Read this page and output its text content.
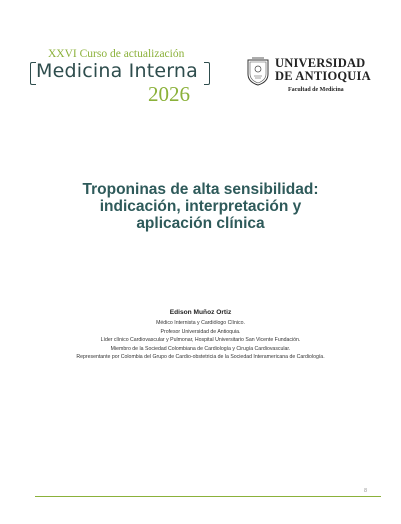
XXVI Curso de actualización
Medicina Interna
2026
UNIVERSIDAD
DE ANTIOQUIA
Facultad de Medicina
Troponinas de alta sensibilidad:
indicación, interpretación y
aplicación clínica
Edison Muñoz Ortiz
Médico Internista y Cardiólogo Clínico.
Profesor Universidad de Antioquia.
Líder clínico Cardiovascular y Pulmonar, Hospital Universitario San Vicente Fundación.
Miembro de la Sociedad Colombiana de Cardiología y Cirugía Cardiovascular.
Representante por Colombia del Grupo de Cardio-obstetricia de la Sociedad Interamericana de Cardiología.
8
